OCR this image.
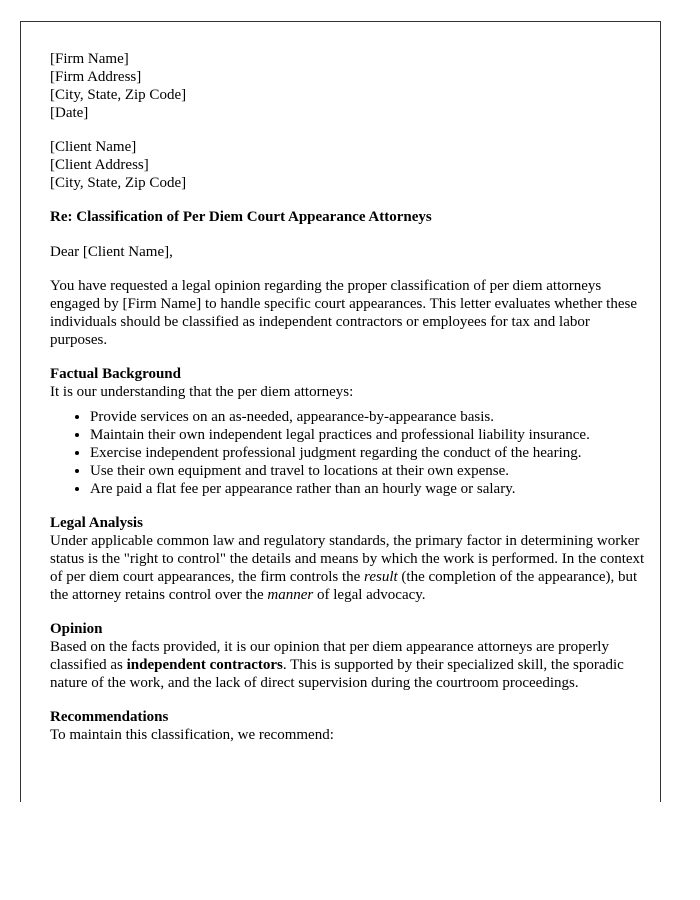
[Firm Name]
[Firm Address]
[City, State, Zip Code]
[Date]
[Client Name]
[Client Address]
[City, State, Zip Code]
Re: Classification of Per Diem Court Appearance Attorneys
Dear [Client Name],
You have requested a legal opinion regarding the proper classification of per diem attorneys engaged by [Firm Name] to handle specific court appearances. This letter evaluates whether these individuals should be classified as independent contractors or employees for tax and labor purposes.
Factual Background
It is our understanding that the per diem attorneys:
• Provide services on an as-needed, appearance-by-appearance basis.
• Maintain their own independent legal practices and professional liability insurance.
• Exercise independent professional judgment regarding the conduct of the hearing.
• Use their own equipment and travel to locations at their own expense.
• Are paid a flat fee per appearance rather than an hourly wage or salary.
Legal Analysis
Under applicable common law and regulatory standards, the primary factor in determining worker status is the "right to control" the details and means by which the work is performed. In the context of per diem court appearances, the firm controls the result (the completion of the appearance), but the attorney retains control over the manner of legal advocacy.
Opinion
Based on the facts provided, it is our opinion that per diem appearance attorneys are properly classified as independent contractors. This is supported by their specialized skill, the sporadic nature of the work, and the lack of direct supervision during the courtroom proceedings.
Recommendations
To maintain this classification, we recommend:
